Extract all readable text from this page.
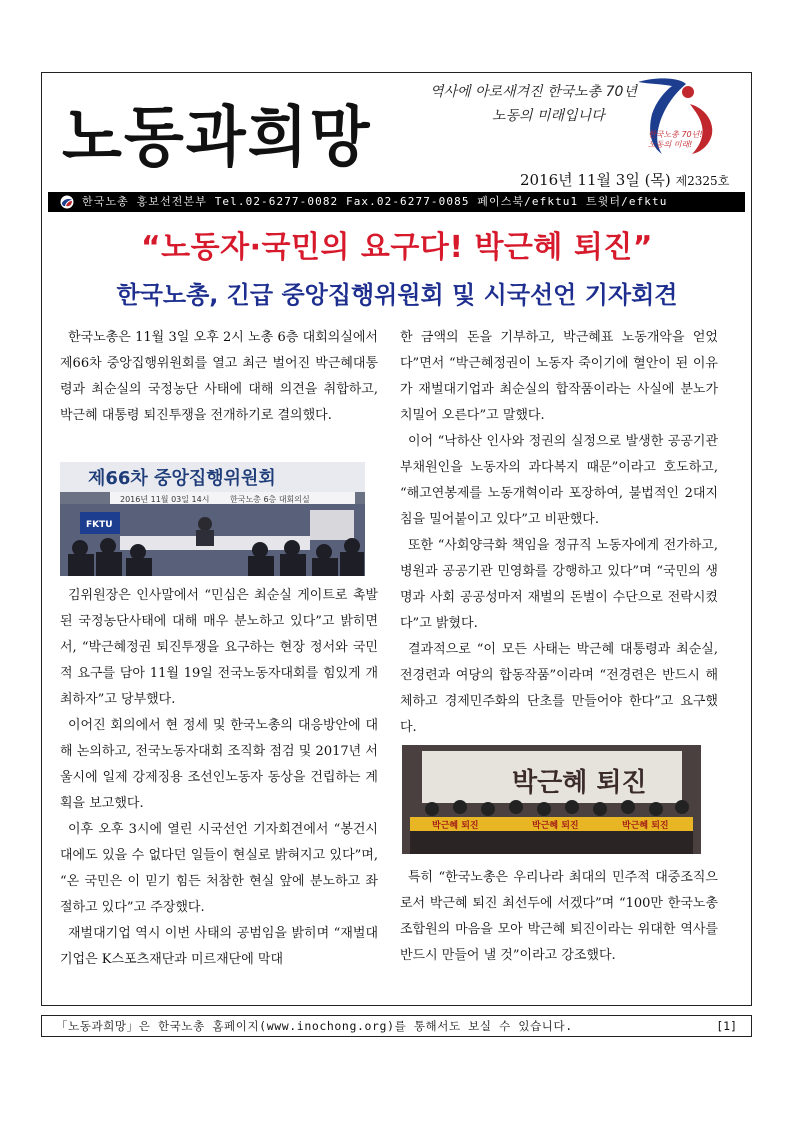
노동과희망
역사에 아로새겨진 한국노총 70년
노동의 미래입니다
한국노총 70년!
노동의 미래!
2016년 11월 3일 (목) 제2325호
한국노총 홍보선전본부 Tel.02-6277-0082 Fax.02-6277-0085 페이스북/efktu1 트윗터/efktu
“노동자·국민의 요구다! 박근혜 퇴진”
한국노총, 긴급 중앙집행위원회 및 시국선언 기자회견

한국노총은 11월 3일 오후 2시 노총 6층 대회의실에서 제66차 중앙집행위원회를 열고 최근 벌어진 박근혜대통령과 최순실의 국정농단 사태에 대해 의견을 취합하고, 박근혜 대통령 퇴진투쟁을 전개하기로 결의했다.

제66차 중앙집행위원회
2016년 11월 03일 14시	한국노총 6층 대회의실
FKTU

김위원장은 인사말에서 “민심은 최순실 게이트로 촉발된 국정농단사태에 대해 매우 분노하고 있다”고 밝히면서, “박근혜정권 퇴진투쟁을 요구하는 현장 정서와 국민적 요구를 담아 11월 19일 전국노동자대회를 힘있게 개최하자”고 당부했다.

이어진 회의에서 현 정세 및 한국노총의 대응방안에 대해 논의하고, 전국노동자대회 조직화 점검 및 2017년 서울시에 일제 강제징용 조선인노동자 동상을 건립하는 계획을 보고했다.

이후 오후 3시에 열린 시국선언 기자회견에서 “봉건시대에도 있을 수 없다던 일들이 현실로 밝혀지고 있다”며, “온 국민은 이 믿기 힘든 처참한 현실 앞에 분노하고 좌절하고 있다”고 주장했다.

재벌대기업 역시 이번 사태의 공범임을 밝히며 “재벌대기업은 K스포츠재단과 미르재단에 막대

한 금액의 돈을 기부하고, 박근혜표 노동개악을 얻었다”면서 “박근혜정권이 노동자 죽이기에 혈안이 된 이유가 재벌대기업과 최순실의 합작품이라는 사실에 분노가 치밀어 오른다”고 말했다.

이어 “낙하산 인사와 정권의 실정으로 발생한 공공기관 부채원인을 노동자의 과다복지 때문”이라고 호도하고, “해고연봉제를 노동개혁이라 포장하여, 불법적인 2대지침을 밀어붙이고 있다”고 비판했다.

또한 “사회양극화 책임을 정규직 노동자에게 전가하고, 병원과 공공기관 민영화를 강행하고 있다”며 “국민의 생명과 사회 공공성마저 재벌의 돈벌이 수단으로 전락시켰다”고 밝혔다.

결과적으로 “이 모든 사태는 박근혜 대통령과 최순실, 전경련과 여당의 합동작품”이라며 “전경련은 반드시 해체하고 경제민주화의 단초를 만들어야 한다”고 요구했다.

박근혜 퇴진
박근혜 퇴진	박근혜 퇴진	박근혜 퇴진

특히 “한국노총은 우리나라 최대의 민주적 대중조직으로서 박근혜 퇴진 최선두에 서겠다”며 “100만 한국노총 조합원의 마음을 모아 박근혜 퇴진이라는 위대한 역사를 반드시 만들어 낼 것”이라고 강조했다.

「노동과희망」은 한국노총 홈페이지(www.inochong.org)를 통해서도 보실 수 있습니다.	[1]
